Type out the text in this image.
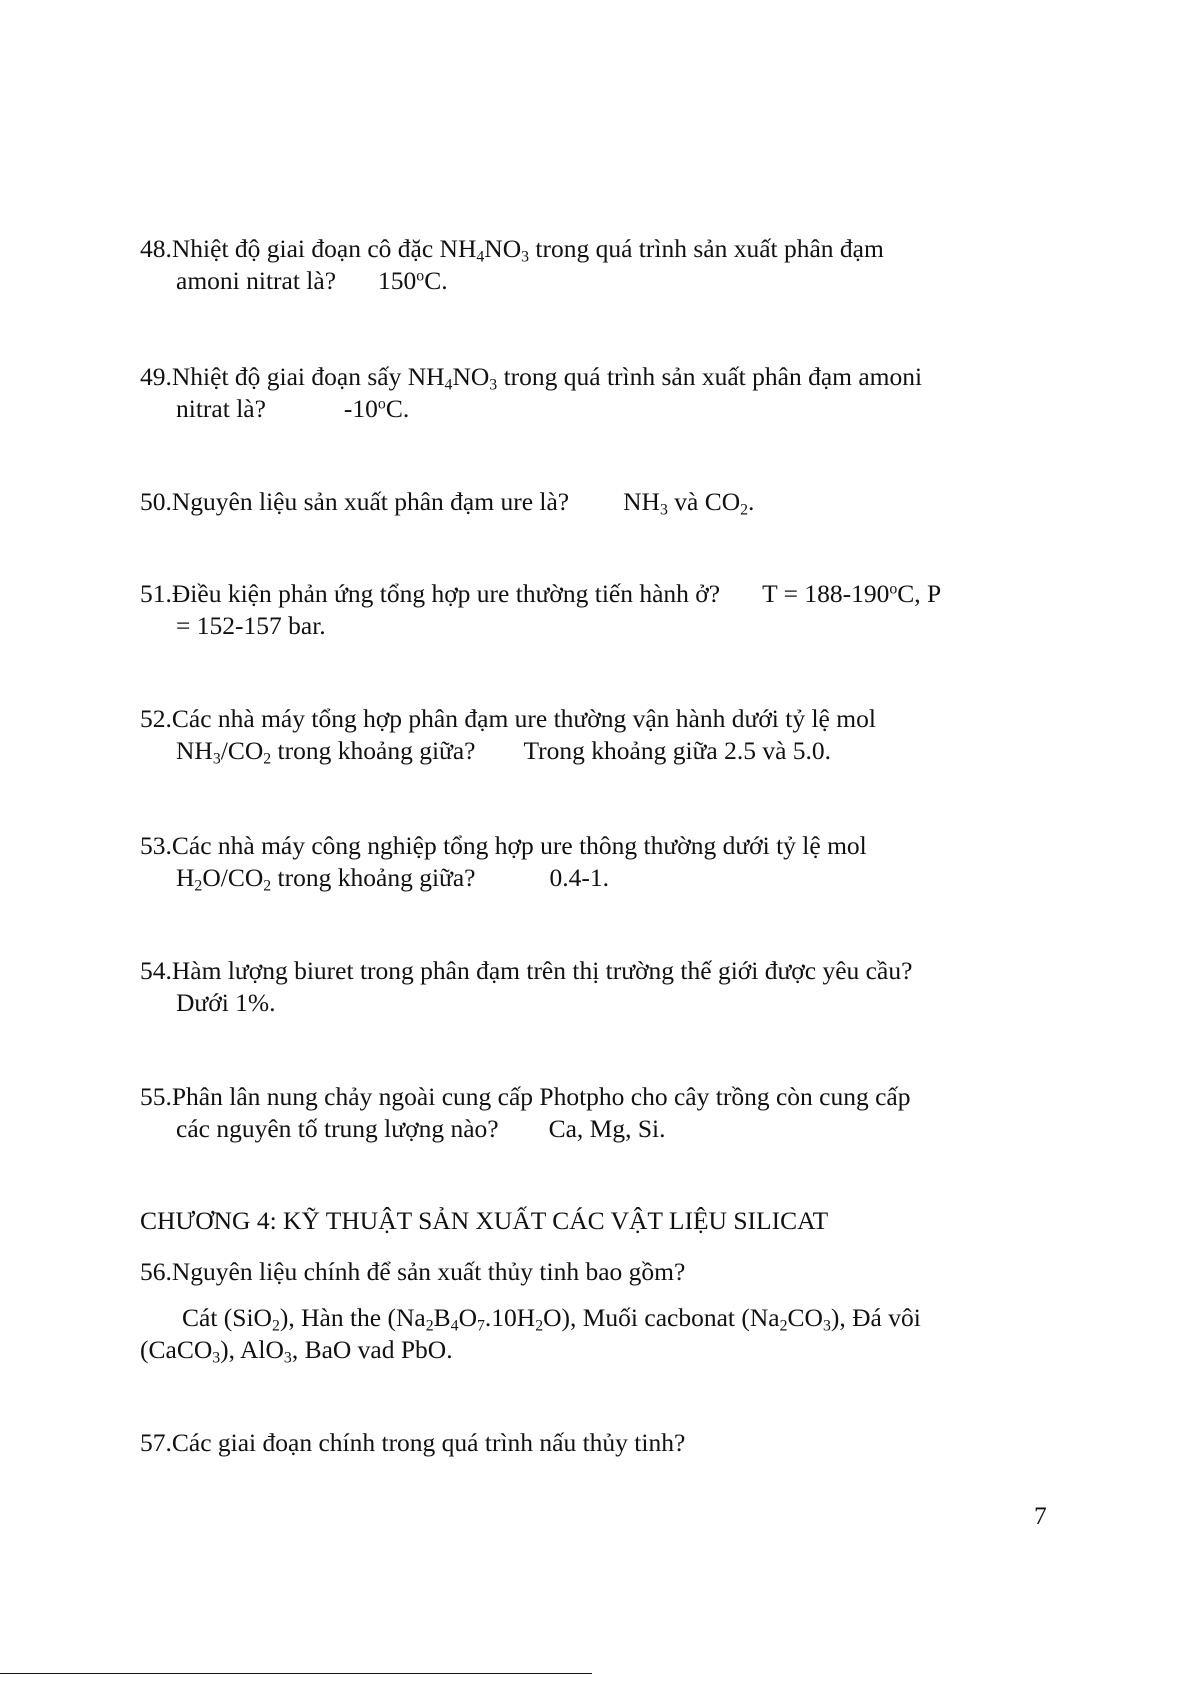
48.Nhiệt độ giai đoạn cô đặc $NH_4NO_3$ trong quá trình sản xuất phân đạm
amoni nitrat là? 150$^o$C.
49.Nhiệt độ giai đoạn sấy $NH_4NO_3$ trong quá trình sản xuất phân đạm amoni
nitrat là?	-10$^o$C.
50.Nguyên liệu sản xuất phân đạm ure là? $NH_3$ và $CO_2$.
51.Điều kiện phản ứng tổng hợp ure thường tiến hành ở? $T = 188-190^oC$, P
= 152-157 bar.
52.Các nhà máy tổng hợp phân đạm ure thường vận hành dưới tỷ lệ mol
$NH_3/CO_2$ trong khoảng giữa? Trong khoảng giữa 2.5 và 5.0.
53.Các nhà máy công nghiệp tổng hợp ure thông thường dưới tỷ lệ mol
$H_2O/CO_2$ trong khoảng giữa?	0.4-1.
54.Hàm lượng biuret trong phân đạm trên thị trường thế giới được yêu cầu?
Dưới 1%.
55.Phân lân nung chảy ngoài cung cấp Photpho cho cây trồng còn cung cấp
các nguyên tố trung lượng nào? Ca, Mg, Si.
CHƯƠNG 4: KỸ THUẬT SẢN XUẤT CÁC VẬT LIỆU SILICAT
56.Nguyên liệu chính để sản xuất thủy tinh bao gồm?
Cát (SiO$_2$), Hàn the $(Na_2B_4O_7.10H_2O)$, Muối cacbonat $(Na_2CO_3)$, Đá vôi
(CaCO$_3$), AlO$_3$, BaO vad PbO.
57.Các giai đoạn chính trong quá trình nấu thủy tinh?
7
